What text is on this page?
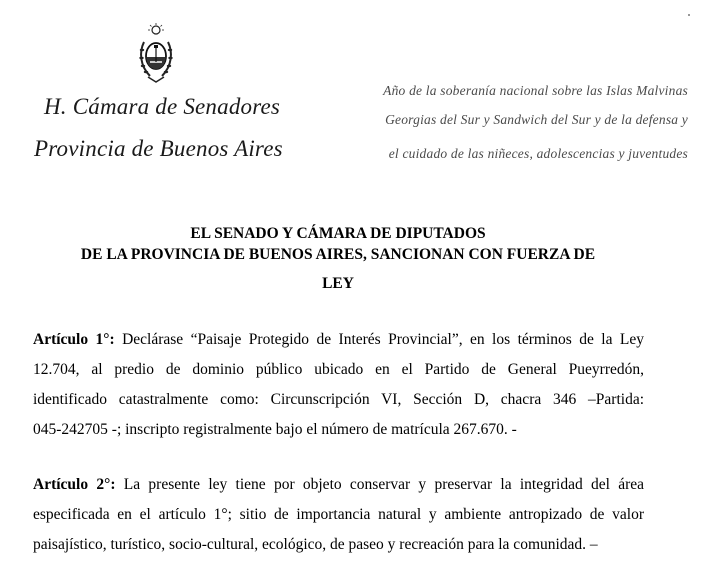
H. Cámara de Senadores
Provincia de Buenos Aires
Año de la soberanía nacional sobre las Islas Malvinas
Georgias del Sur y Sandwich del Sur y de la defensa y
el cuidado de las niñeces, adolescencias y juventudes
EL SENADO Y CÁMARA DE DIPUTADOS
DE LA PROVINCIA DE BUENOS AIRES, SANCIONAN CON FUERZA DE
LEY
Artículo 1°: Declárase “Paisaje Protegido de Interés Provincial”, en los términos de la Ley
12.704, al predio de dominio público ubicado en el Partido de General Pueyrredón,
identificado catastralmente como: Circunscripción VI, Sección D, chacra 346 –Partida:
045-242705 -; inscripto registralmente bajo el número de matrícula 267.670. -
Artículo 2°: La presente ley tiene por objeto conservar y preservar la integridad del área
especificada en el artículo 1°; sitio de importancia natural y ambiente antropizado de valor
paisajístico, turístico, socio-cultural, ecológico, de paseo y recreación para la comunidad. –
